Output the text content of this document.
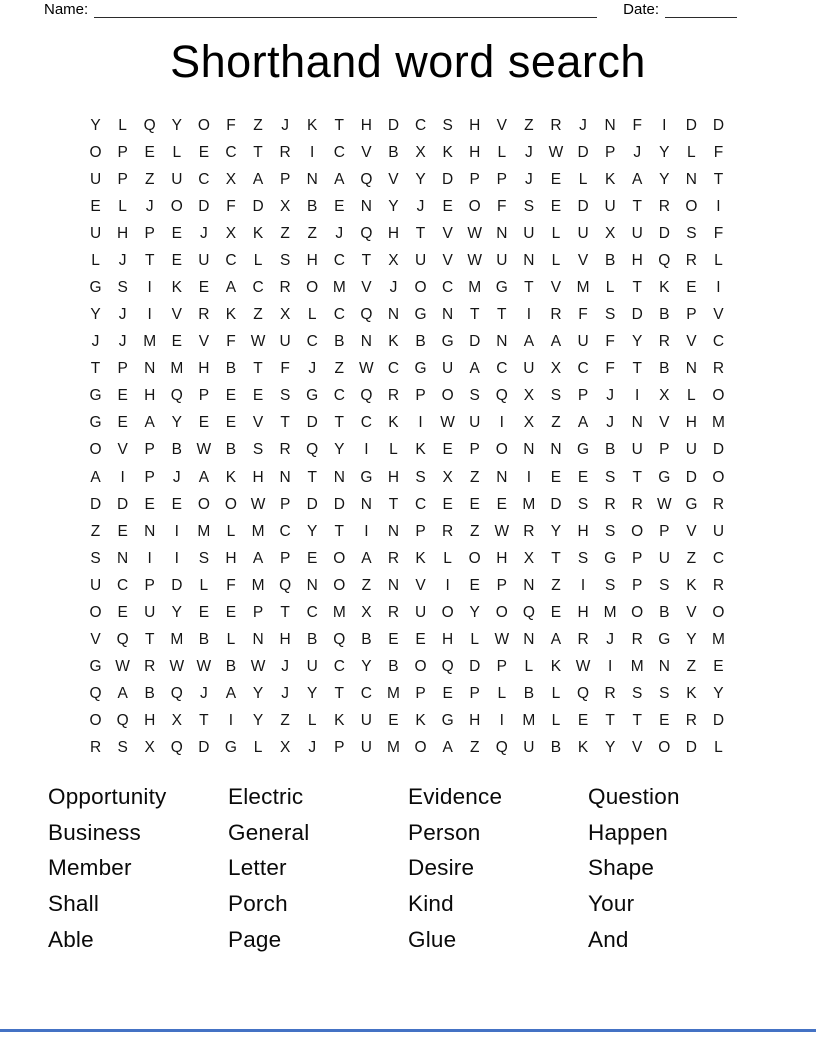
Name:	Date:
Shorthand word search
Y	L	Q	Y	O	F	Z	J	K	T	H	D	C	S	H	V	Z	R	J	N	F	I	D	D
O	P	E	L	E	C	T	R	I	C	V	B	X	K	H	L	J	W D	P	J	Y	L	F
U	P	Z	U	C	X	A	P	N	A	Q	V	Y	D	P	P	J	E	L	K	A	Y	N	T
E	L	J	O D	F	D	X	B	E	N	Y	J	E	O	F	S	E	D	U	T	R O	I
U	H	P	E	J	X	K	Z	Z	J	Q H	T	V W N	U	L	U	X	U	D	S	F
L	J	T	E	U	C	L	S	H	C	T	X	U	V W U	N	L	V	B	H Q R	L
G	S	I	K	E	A	C	R O M V	J	O C M G	T	V M	L	T	K	E	I
Y	J	I	V	R	K	Z	X	L	C Q N G N	T	T	I	R	F	S	D	B	P	V
J	J	M E	V	F W U	C	B	N	K	B	G D	N	A	A	U	F	Y	R	V	C
T	P	N M H	B	T	F	J	Z W C G U	A	C	U	X	C	F	T	B	N	R
G	E	H Q	P	E	E	S	G C Q R	P	O	S	Q	X	S	P	J	I	X	L	O
G	E	A	Y	E	E	V	T	D	T	C	K	I	W U	I	X	Z	A	J	N	V	H M
O	V	P	B W B	S	R Q	Y	I	L	K	E	P	O N	N G	B	U	P	U	D
A	I	P	J	A	K	H	N	T	N G H	S	X	Z	N	I	E	E	S	T	G D O
D	D	E	E	O O W P	D	D	N	T	C	E	E	E M D	S	R	R W G R
Z	E	N	I	M	L	M C	Y	T	I	N	P	R	Z W R	Y	H	S	O	P	V	U
S	N	I	I	S	H	A	P	E	O	A	R	K	L	O H	X	T	S	G	P	U	Z	C
U	C	P	D	L	F	M Q N O	Z	N	V	I	E	P	N	Z	I	S	P	S	K	R
O	E	U	Y	E	E	P	T	C M X	R	U O	Y	O Q	E	H M O	B	V	O
V	Q	T	M B	L	N	H	B	Q	B	E	E	H	L W N	A	R	J	R G	Y M
G W R W W B W	J	U	C	Y	B	O Q D	P	L	K W	I	M N	Z	E
Q	A	B	Q	J	A	Y	J	Y	T	C M P	E	P	L	B	L	Q R	S	S	K	Y
O Q H	X	T	I	Y	Z	L	K	U	E	K	G H	I	M	L	E	T	T	E	R	D
R	S	X	Q D G	L	X	J	P	U M O	A	Z	Q U	B	K	Y	V	O D	L
Opportunity
Business
Member
Shall
Able
Electric
General
Letter
Porch
Page
Evidence
Person
Desire
Kind
Glue
Question
Happen
Shape
Your
And
